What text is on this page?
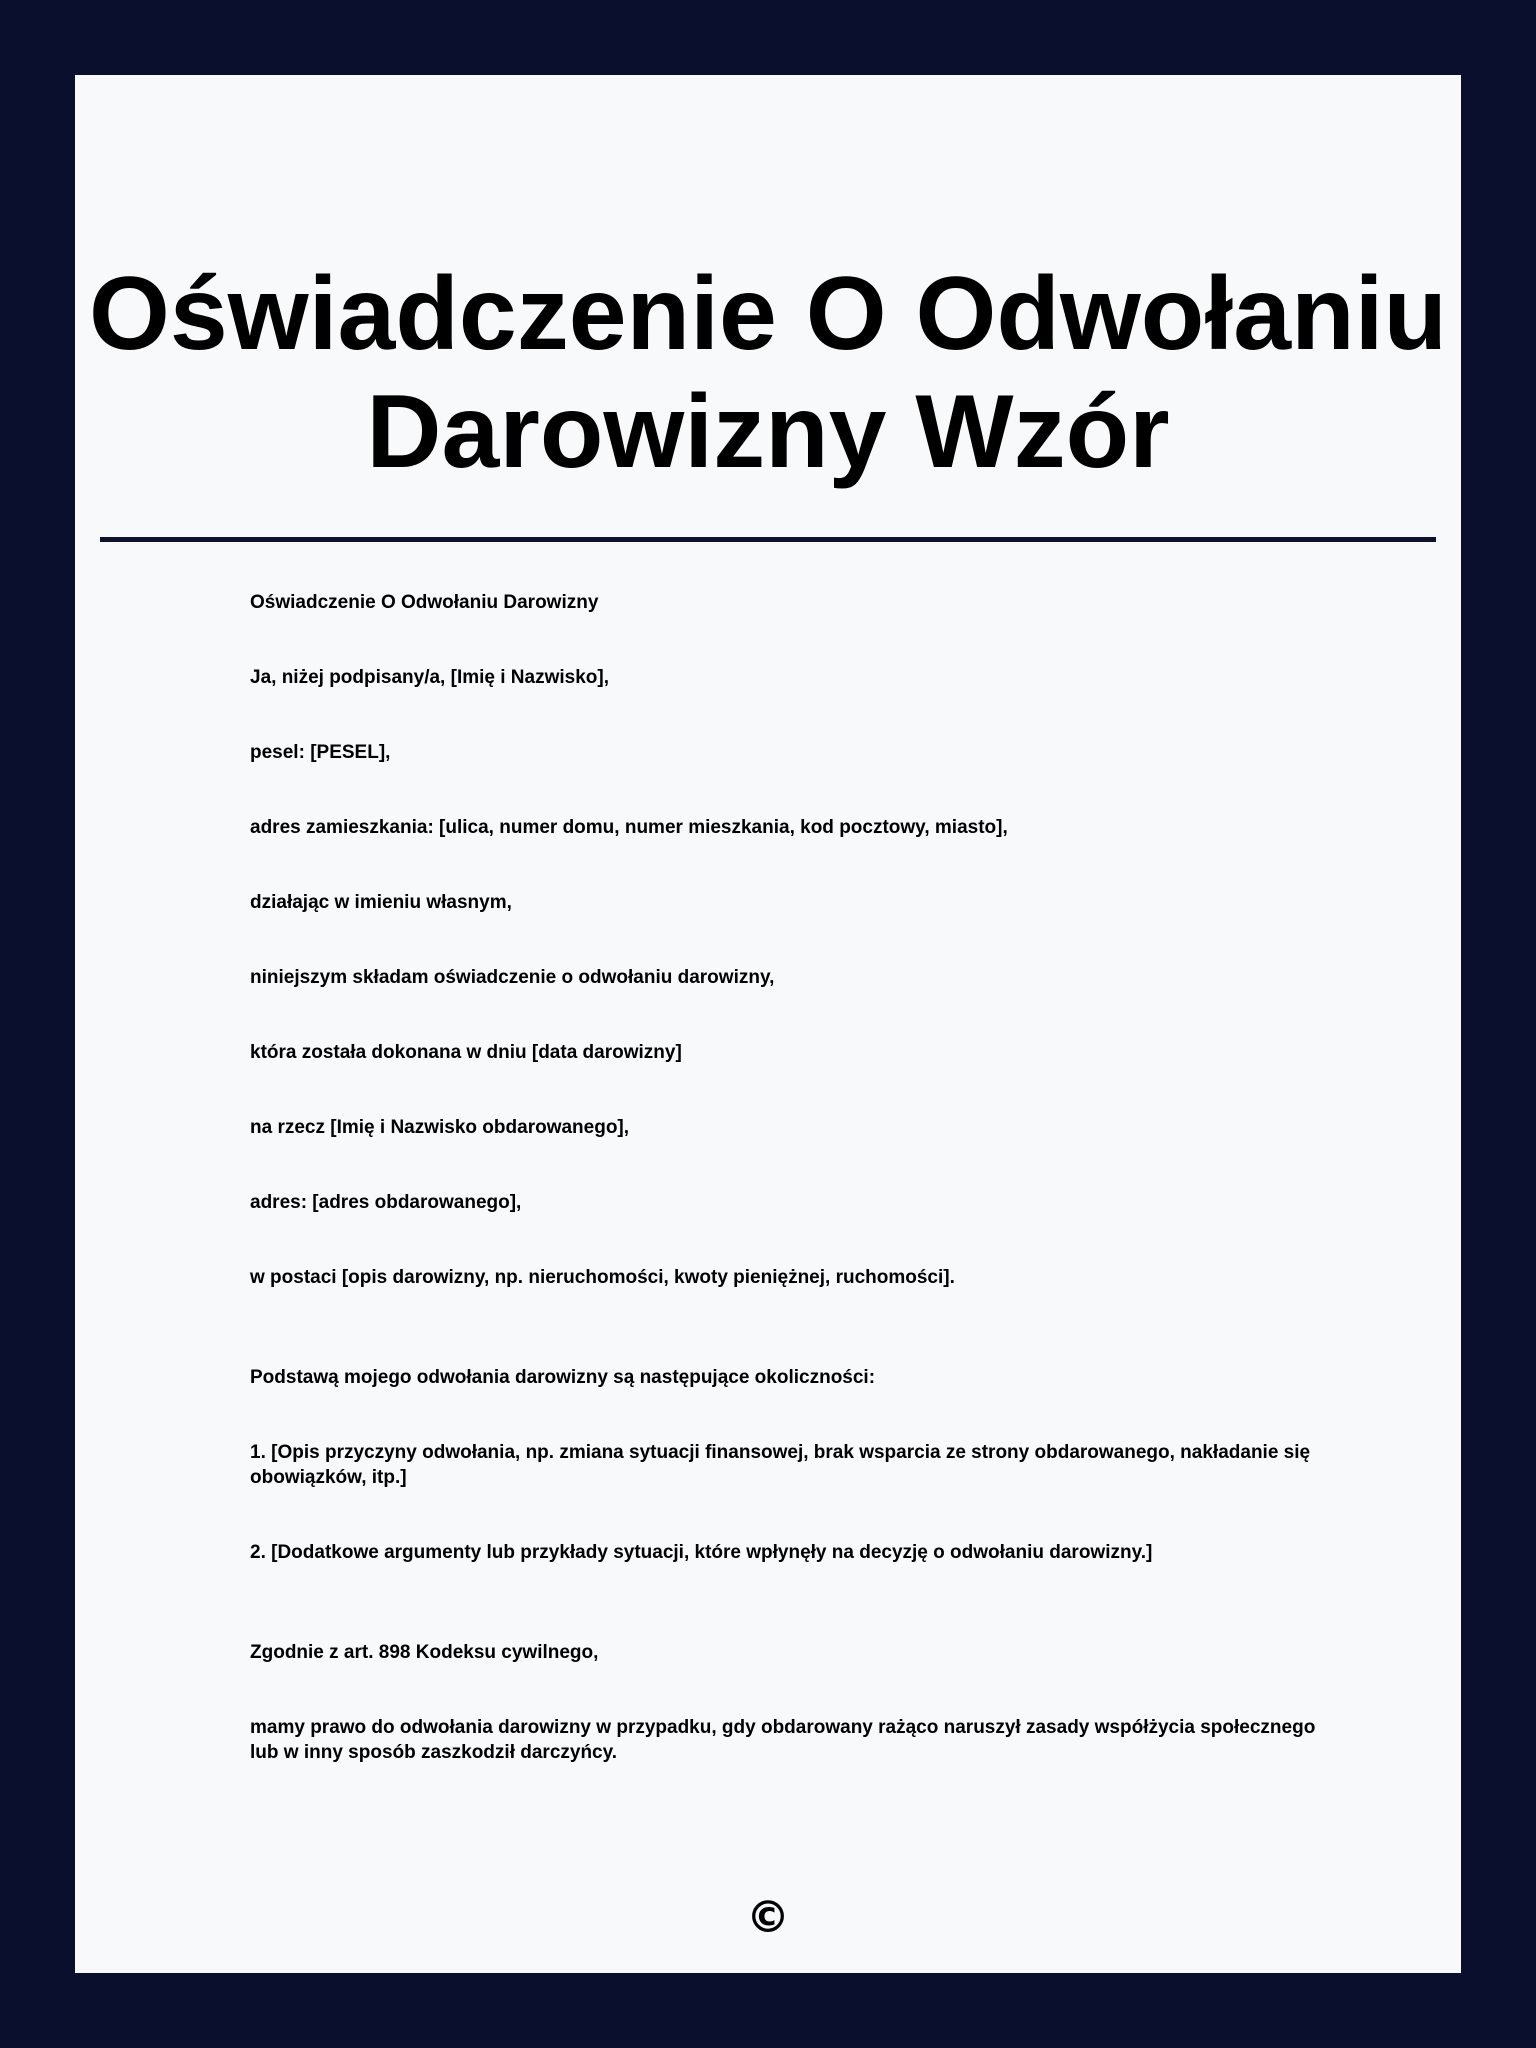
Oświadczenie O Odwołaniu
Darowizny Wzór

Oświadczenie O Odwołaniu Darowizny

Ja, niżej podpisany/a, [Imię i Nazwisko],

pesel: [PESEL],

adres zamieszkania: [ulica, numer domu, numer mieszkania, kod pocztowy, miasto],

działając w imieniu własnym,

niniejszym składam oświadczenie o odwołaniu darowizny,

która została dokonana w dniu [data darowizny]

na rzecz [Imię i Nazwisko obdarowanego],

adres: [adres obdarowanego],

w postaci [opis darowizny, np. nieruchomości, kwoty pieniężnej, ruchomości].

Podstawą mojego odwołania darowizny są następujące okoliczności:

1. [Opis przyczyny odwołania, np. zmiana sytuacji finansowej, brak wsparcia ze strony obdarowanego, nakładanie się obowiązków, itp.]

2. [Dodatkowe argumenty lub przykłady sytuacji, które wpłynęły na decyzję o odwołaniu darowizny.]

Zgodnie z art. 898 Kodeksu cywilnego,

mamy prawo do odwołania darowizny w przypadku, gdy obdarowany rażąco naruszył zasady współżycia społecznego lub w inny sposób zaszkodził darczyńcy.

©
